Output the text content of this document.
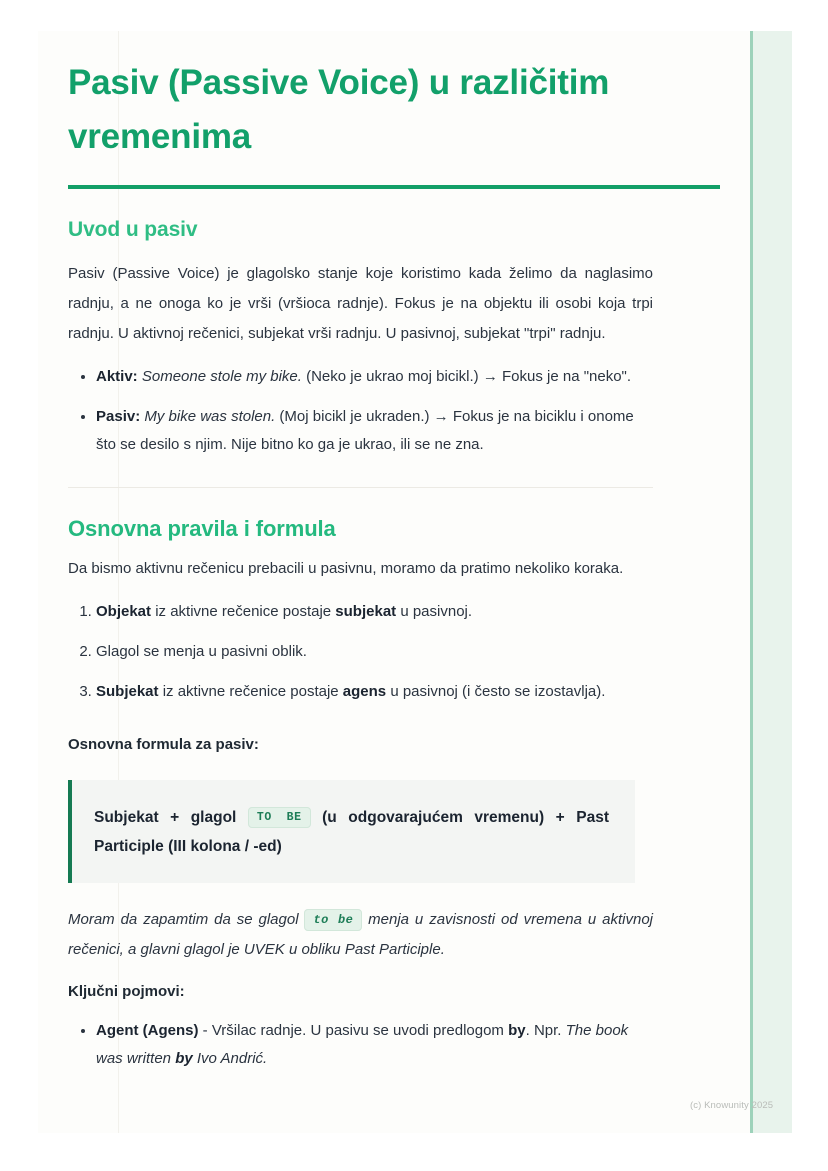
Pasiv (Passive Voice) u različitim vremenima
Uvod u pasiv

Pasiv (Passive Voice) je glagolsko stanje koje koristimo kada želimo da naglasimo radnju, a ne onoga ko je vrši (vršioca radnje). Fokus je na objektu ili osobi koja trpi radnju. U aktivnoj rečenici, subjekat vrši radnju. U pasivnoj, subjekat "trpi" radnju.

• Aktiv: Someone stole my bike. (Neko je ukrao moj bicikl.) → Fokus je na "neko".
• Pasiv: My bike was stolen. (Moj bicikl je ukraden.) → Fokus je na biciklu i onome što se desilo s njim. Nije bitno ko ga je ukrao, ili se ne zna.
Osnovna pravila i formula

Da bismo aktivnu rečenicu prebacili u pasivnu, moramo da pratimo nekoliko koraka.

1. Objekat iz aktivne rečenice postaje subjekat u pasivnoj.
2. Glagol se menja u pasivni oblik.
3. Subjekat iz aktivne rečenice postaje agens u pasivnoj (i često se izostavlja).

Osnovna formula za pasiv:

Subjekat + glagol TO BE (u odgovarajućem vremenu) + Past Participle (III kolona / -ed)

Moram da zapamtim da se glagol to be menja u zavisnosti od vremena u aktivnoj rečenici, a glavni glagol je UVEK u obliku Past Participle.

Ključni pojmovi:

• Agent (Agens) - Vršilac radnje. U pasivu se uvodi predlogom by. Npr. The book was written by Ivo Andrić.
(c) Knowunity 2025
